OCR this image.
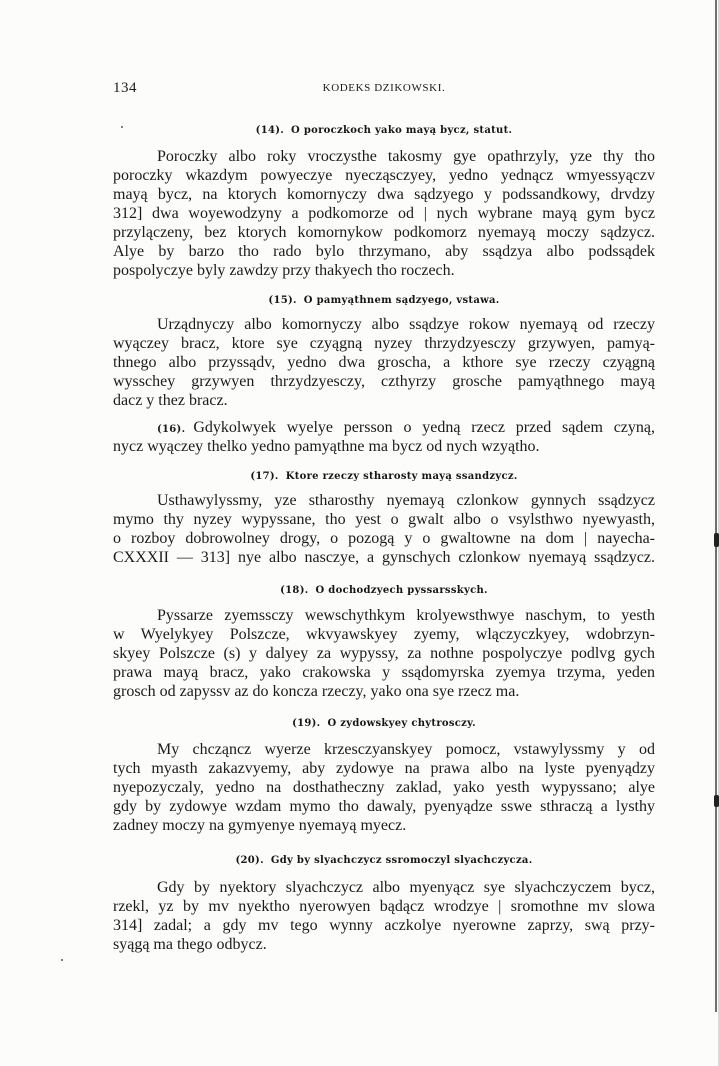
134	KODEKS DZIKOWSKI.
(14). O poroczkoch yako mayą bycz, statut.
Poroczky albo roky vroczysthe takosmy gye opathrzyly, yze thy tho
poroczky wkazdym powyeczye nyecząsczyey, yedno yednącz wmyessyączv
mayą bycz, na ktorych komornyczy dwa sądzyego y podssandkowy, drvdzy
312] dwa woyewodzyny a podkomorze od | nych wybrane mayą gym bycz
przylączeny, bez ktorych komornykow podkomorz nyemayą moczy sądzycz.
Alye by barzo tho rado bylo thrzymano, aby ssądzya albo podssądek
pospolyczye byly zawdzy przy thakyech tho roczech.
(15). O pamyąthnem sądzyego, vstawa.
Urządnyczy albo komornyczy albo ssądzye rokow nyemayą od rzeczy
wyączey bracz, ktore sye czyągną nyzey thrzydzyesczy grzywyen, pamyą-
thnego albo przyssądv, yedno dwa groscha, a kthore sye rzeczy czyągną
wysschey grzywyen thrzydzyesczy, czthyrzy grosche pamyąthnego mayą
dacz y thez bracz.
(16). Gdykolwyek wyelye persson o yedną rzecz przed sądem czyną,
nycz wyączey thelko yedno pamyąthne ma bycz od nych wzyątho.
(17). Ktore rzeczy stharosty mayą ssandzycz.
Usthawylyssmy, yze stharosthy nyemayą czlonkow gynnych ssądzycz
mymo thy nyzey wypyssane, tho yest o gwalt albo o vsylsthwo nyewyasth,
o rozboy dobrowolney drogy, o pozogą y o gwaltowne na dom | nayecha-
CXXXII — 313] nye albo nasczye, a gynschych czlonkow nyemayą ssądzycz.
(18). O dochodzyech pyssarsskych.
Pyssarze zyemssczy wewschythkym krolyewsthwye naschym, to yesth
w Wyelykyey Polszcze, wkvyawskyey zyemy, wlączyczkyey, wdobrzyn-
skyey Polszcze (s) y dalyey za wypyssy, za nothne pospolyczye podlvg gych
prawa mayą bracz, yako crakowska y ssądomyrska zyemya trzyma, yeden
grosch od zapyssv az do koncza rzeczy, yako ona sye rzecz ma.
(19). O zydowskyey chytrosczy.
My chcząncz wyerze krzesczyanskyey pomocz, vstawylyssmy y od
tych myasth zakazvyemy, aby zydowye na prawa albo na lyste pyenyądzy
nyepozyczaly, yedno na dosthatheczny zaklad, yako yesth wypyssano; alye
gdy by zydowye wzdam mymo tho dawaly, pyenyądze sswe sthraczą a lysthy
zadney moczy na gymyenye nyemayą myecz.
(20). Gdy by slyachczycz ssromoczyl slyachczycza.
Gdy by nyektory slyachczycz albo myenyącz sye slyachczyczem bycz,
rzekl, yz by mv nyektho nyerowyen bądącz wrodzye | sromothne mv slowa
314] zadal; a gdy mv tego wynny aczkolye nyerowne zaprzy, swą przy-
syągą ma thego odbycz.
